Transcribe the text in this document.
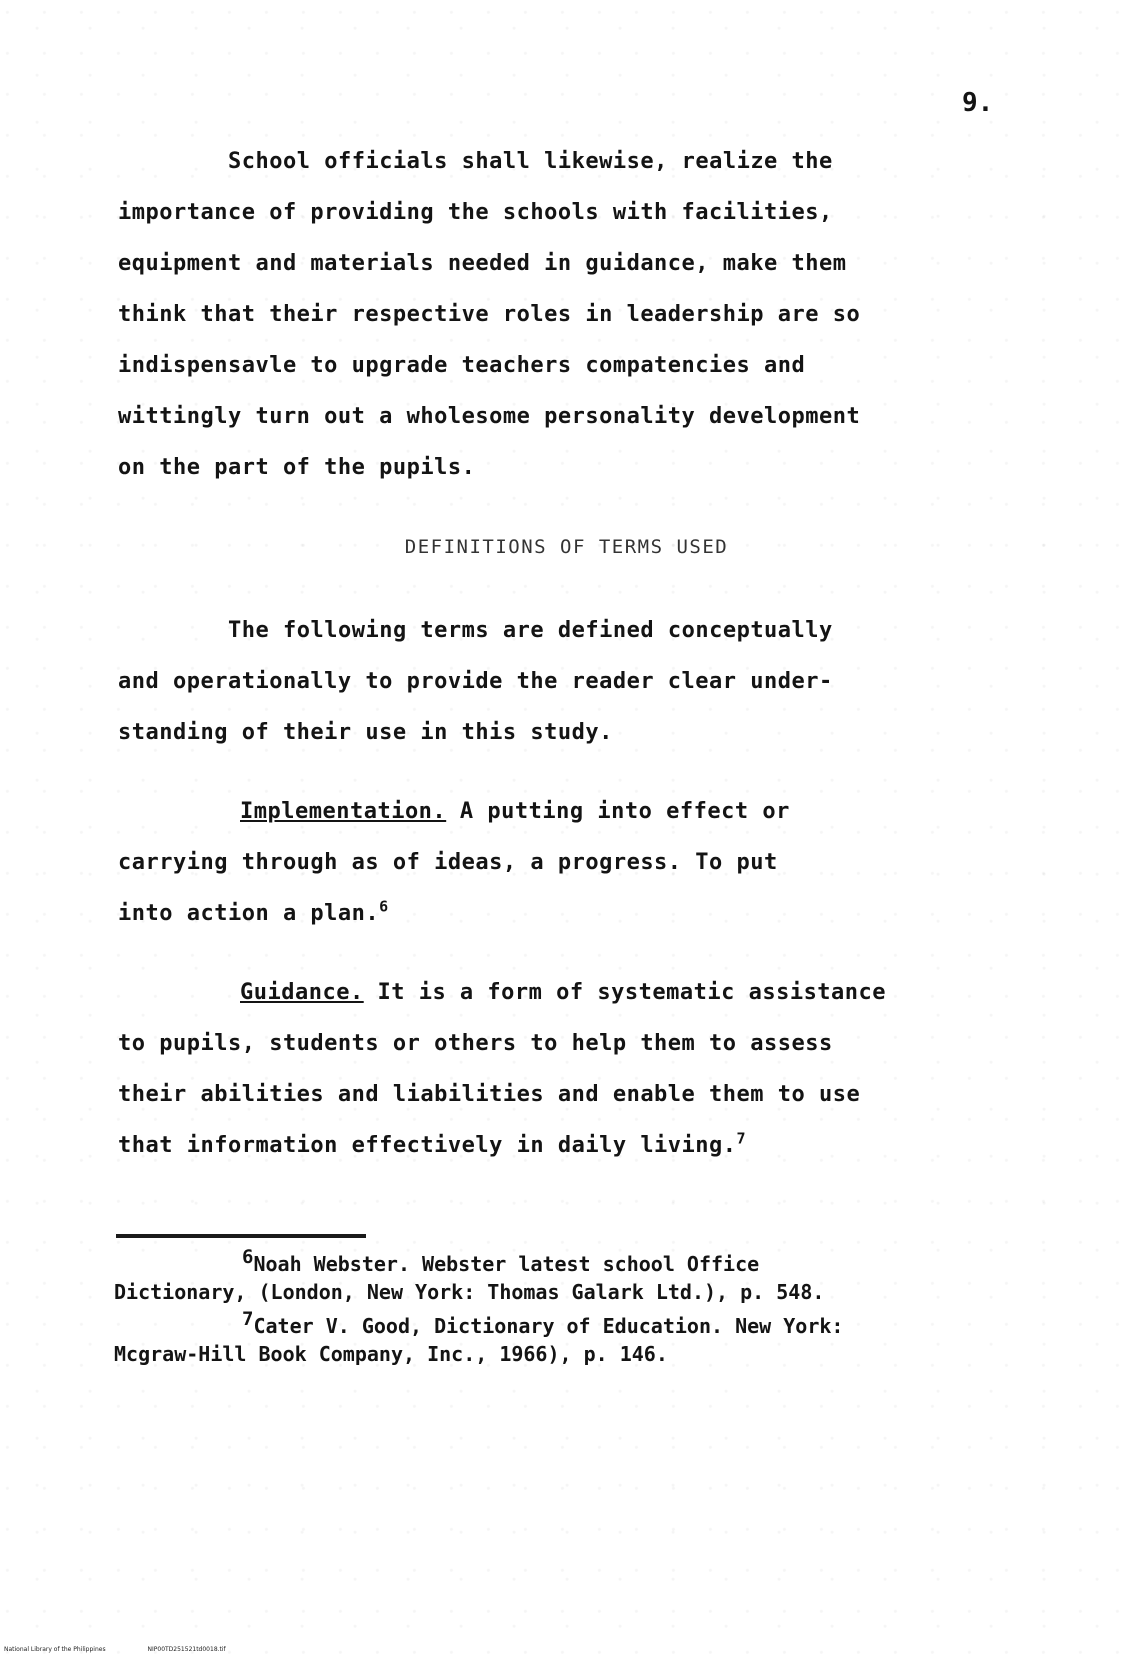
9.
School officials shall likewise, realize the
importance of providing the schools with facilities,
equipment and materials needed in guidance, make them
think that their respective roles in leadership are so
indispensavle to upgrade teachers compatencies and
wittingly turn out a wholesome personality development
on the part of the pupils.
DEFINITIONS OF TERMS USED
The following terms are defined conceptually
and operationally to provide the reader clear under-
standing of their use in this study.
Implementation. A putting into effect or
carrying through as of ideas, a progress. To put
into action a plan.$^6$
Guidance. It is a form of systematic assistance
to pupils, students or others to help them to assess
their abilities and liabilities and enable them to use
that information effectively in daily living.$^7$
6Noah Webster. Webster latest school Office
Dictionary, (London, New York: Thomas Galark Ltd.), p. 548.
7Cater V. Good, Dictionary of Education. New York:
Mcgraw-Hill Book Company, Inc., 1966), p. 146.
National Library of the Philippines	NIP00TD251521td0018.tif
